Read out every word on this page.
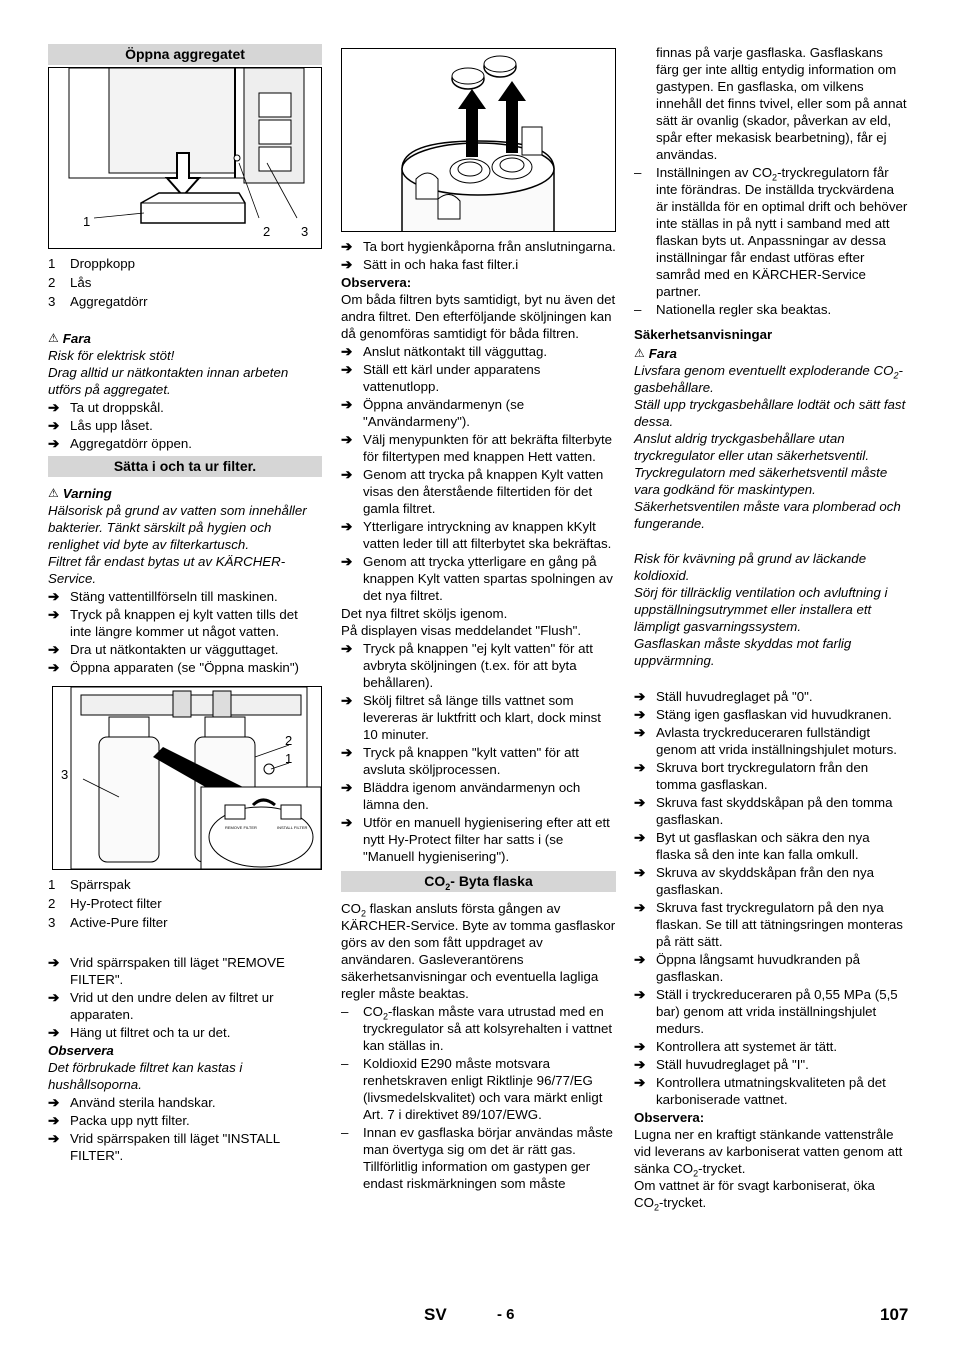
Öppna aggregatet
1
2 3
1	Droppkopp
2	Lås
3	Aggregatdörr
⚠ Fara

Risk för elektrisk stöt!

Drag alltid ur nätkontakten innan arbeten utförs på aggregatet.

➔ Ta ut droppskål.
➔ Lås upp låset.
➔ Aggregatdörr öppen.
Sätta i och ta ur filter.
⚠ Varning

Hälsorisk på grund av vatten som innehåller bakterier. Tänkt särskilt på hygien och renlighet vid byte av filterkartusch.

Filtret får endast bytas ut av KÄRCHER-Service.

➔ Stäng vattentillförseln till maskinen.
➔ Tryck på knappen ej kylt vatten tills det inte längre kommer ut något vatten.
➔ Dra ut nätkontakten ur vägguttaget.
➔ Öppna apparaten (se "Öppna maskin")
REMOVE FILTER	INSTALL FILTER
3
2
1
1	Spärrspak
2	Hy-Protect filter
3	Active-Pure filter
➔ Vrid spärrspaken till läget "REMOVE FILTER".
➔ Vrid ut den undre delen av filtret ur apparaten.
➔ Häng ut filtret och ta ur det.

Observera

Det förbrukade filtret kan kastas i hushållsoporna.

➔ Använd sterila handskar.
➔ Packa upp nytt filter.
➔ Vrid spärrspaken till läget "INSTALL FILTER".
➔ Ta bort hygienkåporna från anslutningarna.
➔ Sätt in och haka fast filter.i

Observera:

Om båda filtren byts samtidigt, byt nu även det andra filtret. Den efterföljande sköljningen kan då genomföras samtidigt för båda filtren.

➔ Anslut nätkontakt till vägguttag.
➔ Ställ ett kärl under apparatens vattenutlopp.
➔ Öppna användarmenyn (se "Användarmeny").
➔ Välj menypunkten för att bekräfta filterbyte för filtertypen med knappen Hett vatten.
➔ Genom att trycka på knappen Kylt vatten visas den återstående filtertiden för det gamla filtret.
➔ Ytterligare intryckning av knappen kKylt vatten leder till att filterbytet ska bekräftas.
➔ Genom att trycka ytterligare en gång på knappen Kylt vatten spartas spolningen av det nya filtret.

Det nya filtret sköljs igenom.

På displayen visas meddelandet "Flush".

➔ Tryck på knappen "ej kylt vatten" för att avbryta sköljningen (t.ex. för att byta behållaren).
➔ Skölj filtret så länge tills vattnet som levereras är luktfritt och klart, dock minst 10 minuter.
➔ Tryck på knappen "kylt vatten" för att avsluta sköljprocessen.
➔ Bläddra igenom användarmenyn och lämna den.
➔ Utför en manuell hygienisering efter att ett nytt Hy-Protect filter har satts i (se "Manuell hygienisering").
$CO_2-$ Byta flaska

$CO_2$ flaskan ansluts första gången av KÄRCHER-Service. Byte av tomma gasflaskor görs av den som fått uppdraget av användaren. Gasleverantörens säkerhetsanvisningar och eventuella lagliga regler måste beaktas.

–	$CO_2$-flaskan måste vara utrustad med en tryckregulator så att kolsyrehalten i vattnet kan ställas in.
–	Koldioxid E290 måste motsvara renhetskraven enligt Riktlinje 96/77/EG (livsmedelskvalitet) och vara märkt enligt Art. 7 i direktivet 89/107/EWG.
–	Innan ev gasflaska börjar användas måste man övertyga sig om det är rätt gas. Tillförlitlig information om gastypen ger endast riskmärkningen som måste
finnas på varje gasflaska. Gasflaskans färg ger inte alltig entydig information om gastypen. En gasflaska, om vilkens innehåll det finns tvivel, eller som på annat sätt är ovanlig (skador, påverkan av eld, spår efter mekasisk bearbetning), får ej användas.
–	Inställningen av $CO_2$-tryckregulatorn får inte förändras. De inställda tryckvärdena är inställda för en optimal drift och behöver inte ställas in på nytt i samband med att flaskan byts ut. Anpassningar av dessa inställningar får endast utföras efter samråd med en KÄRCHER-Service partner.
–	Nationella regler ska beaktas.

Säkerhetsanvisningar

⚠ Fara

Livsfara genom eventuellt exploderande $CO_2$-gasbehållare.

Ställ upp tryckgasbehållare lodtät och sätt fast dessa.

Anslut aldrig tryckgasbehållare utan tryckregulator eller utan säkerhetsventil.

Tryckregulatorn med säkerhetsventil måste vara godkänd för maskintypen.

Säkerhetsventilen måste vara plomberad och fungerande.

Risk för kvävning på grund av läckande koldioxid.

Sörj för tillräcklig ventilation och avluftning i uppställningsutrymmet eller installera ett lämpligt gasvarningssystem.

Gasflaskan måste skyddas mot farlig uppvärmning.

➔ Ställ huvudreglaget på "0".
➔ Stäng igen gasflaskan vid huvudkranen.
➔ Avlasta tryckreduceraren fullständigt genom att vrida inställningshjulet moturs.
➔ Skruva bort tryckregulatorn från den tomma gasflaskan.
➔ Skruva fast skyddskåpan på den tomma gasflaskan.
➔ Byt ut gasflaskan och säkra den nya flaska så den inte kan falla omkull.
➔ Skruva av skyddskåpan från den nya gasflaskan.
➔ Skruva fast tryckregulatorn på den nya flaskan. Se till att tätningsringen monteras på rätt sätt.
➔ Öppna långsamt huvudkranden på gasflaskan.
➔ Ställ i tryckreduceraren på 0,55 MPa (5,5 bar) genom att vrida inställningshjulet medurs.
➔ Kontrollera att systemet är tätt.
➔ Ställ huvudreglaget på "I".
➔ Kontrollera utmatningskvaliteten på det karboniserade vattnet.

Observera:

Lugna ner en kraftigt stänkande vattenstråle vid leverans av karboniserat vatten genom att sänka $CO_2$-trycket.

Om vattnet är för svagt karboniserat, öka $CO_2$-trycket.

SV	- 6	107
